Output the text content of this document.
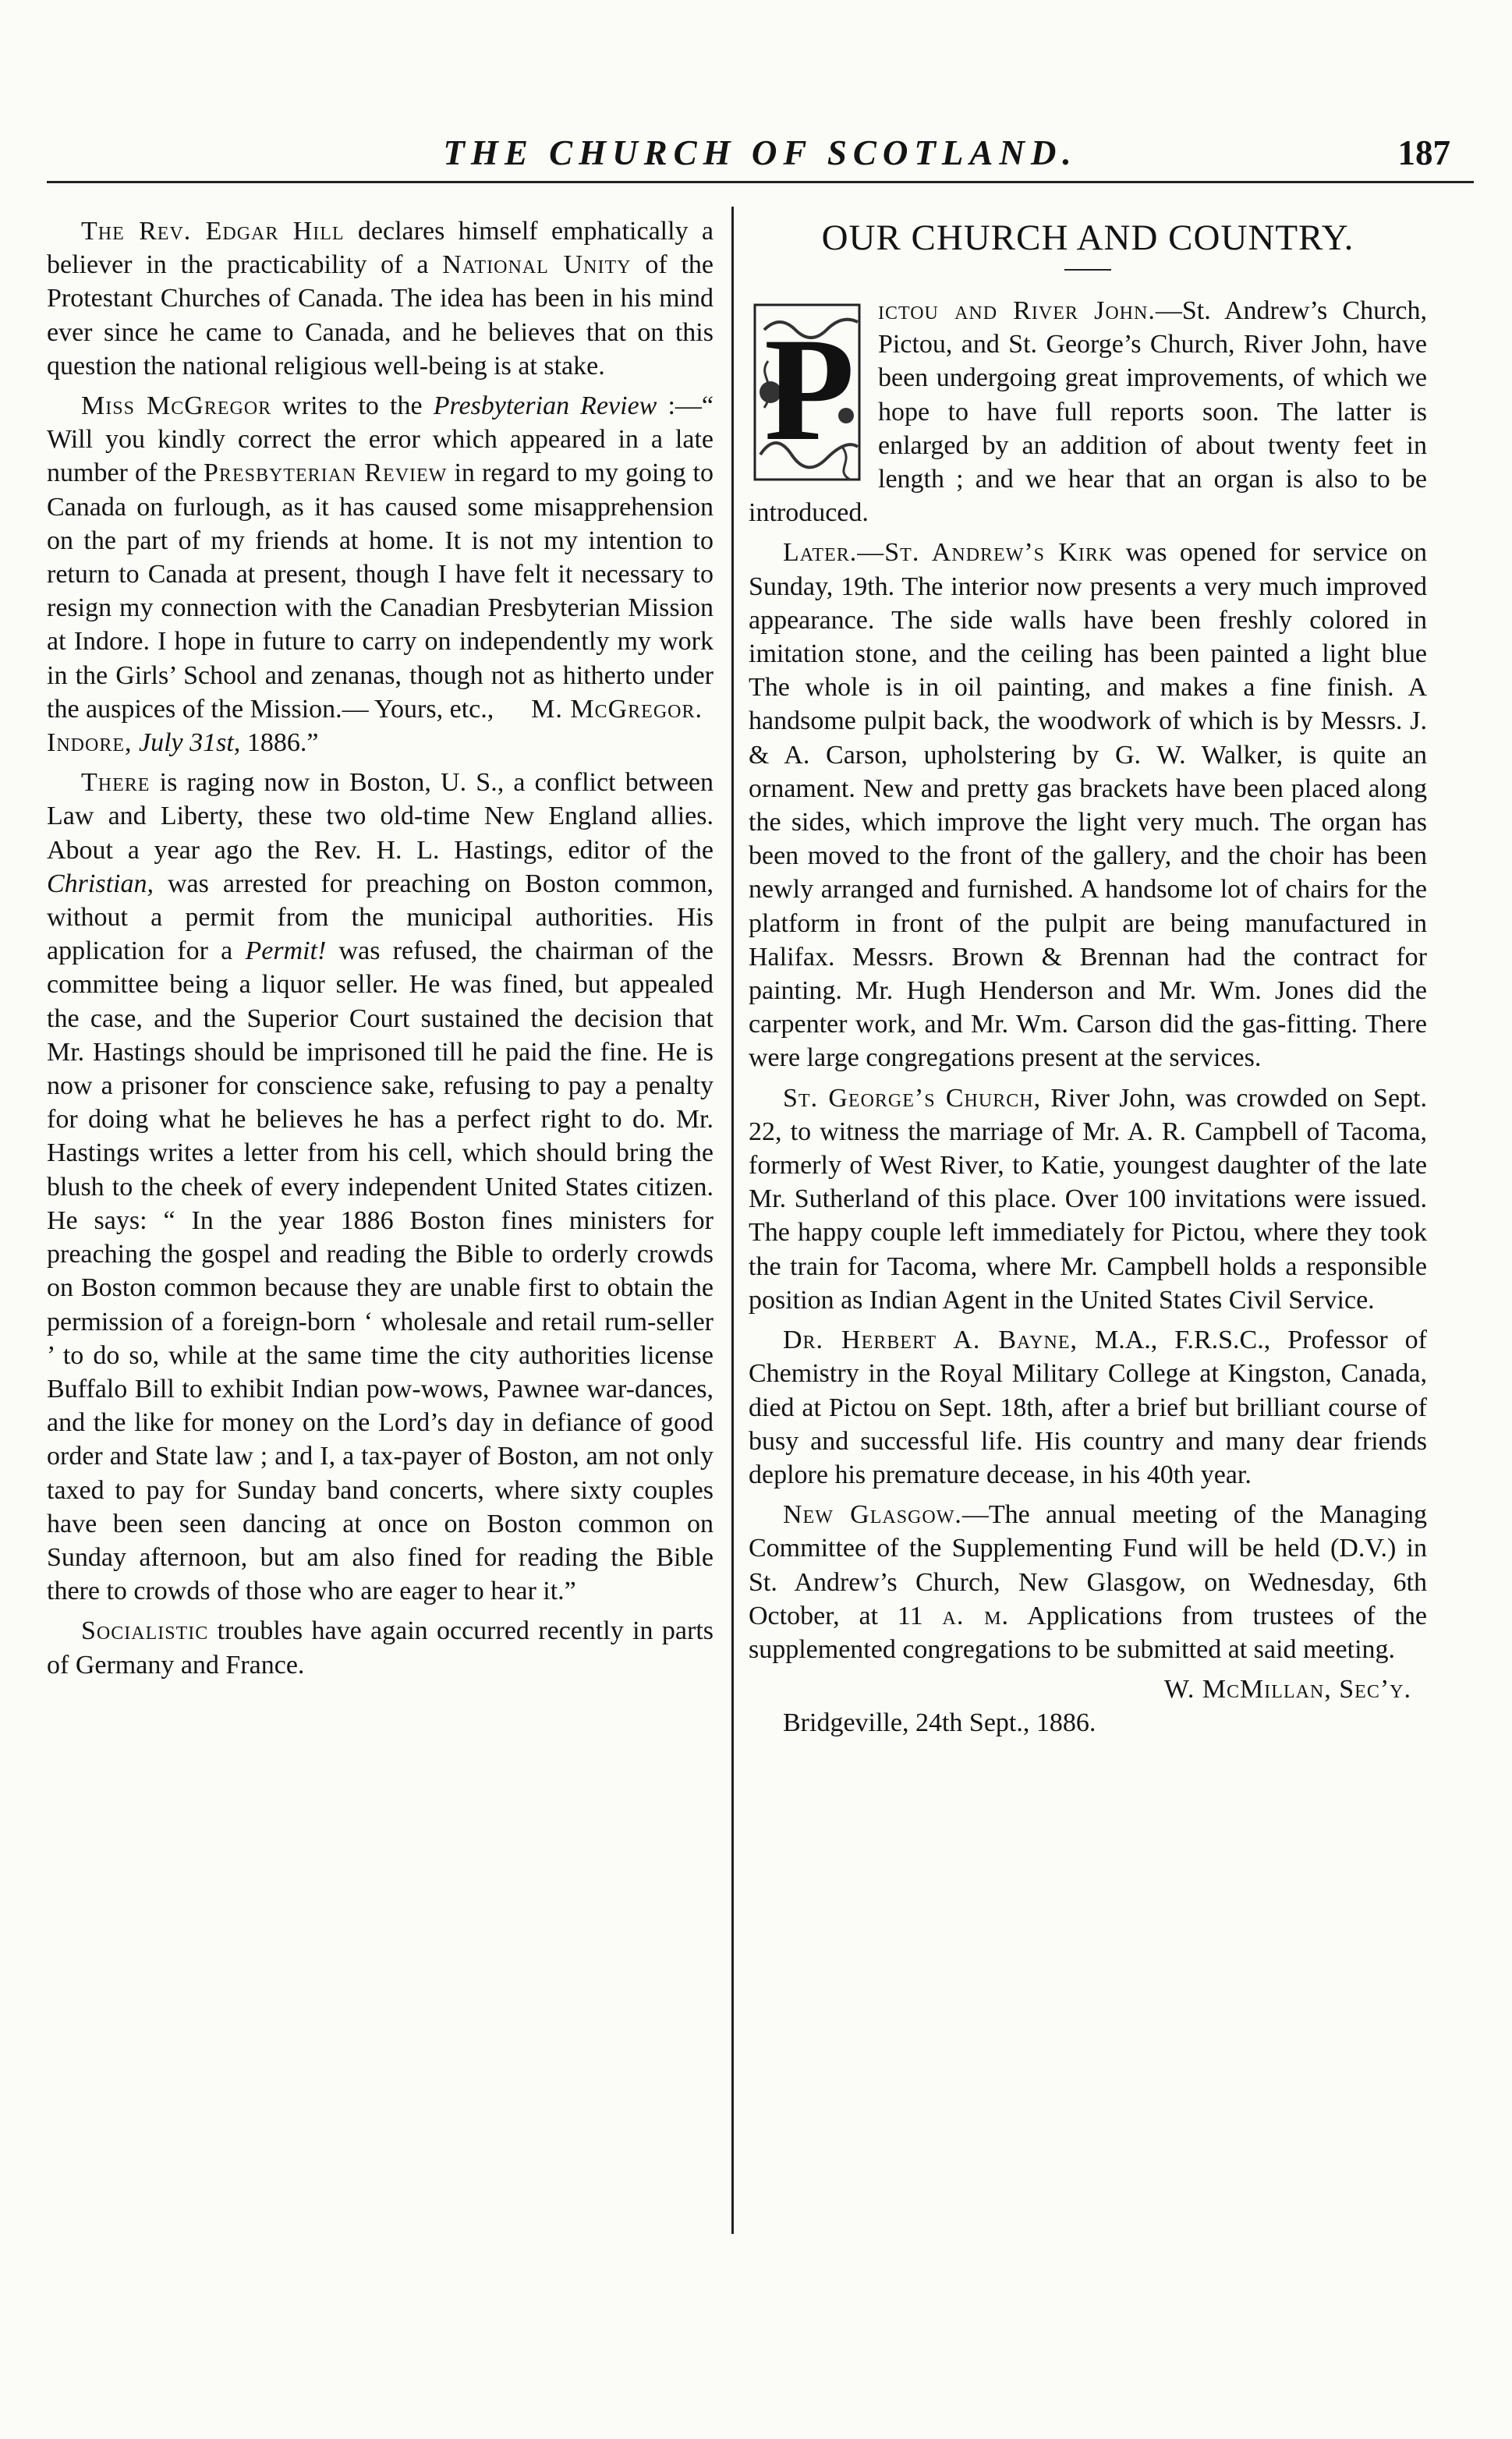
THE CHURCH OF SCOTLAND.	187

The Rev. Edgar Hill declares himself emphatically a believer in the practicability of a National Unity of the Protestant Churches of Canada. The idea has been in his mind ever since he came to Canada, and he believes that on this question the national religious well-being is at stake.

Miss McGregor writes to the Presbyterian Review :—“ Will you kindly correct the error which appeared in a late number of the Presbyterian Review in regard to my going to Canada on furlough, as it has caused some misapprehension on the part of my friends at home. It is not my intention to return to Canada at present, though I have felt it necessary to resign my connection with the Canadian Presbyterian Mission at Indore. I hope in future to carry on independently my work in the Girls’ School and zenanas, though not as hitherto under the auspices of the Mission.— Yours, etc.,	M. McGregor.

Indore, July 31st, 1886.”

There is raging now in Boston, U. S., a conflict between Law and Liberty, these two old-time New England allies. About a year ago the Rev. H. L. Hastings, editor of the Christian, was arrested for preaching on Boston common, without a permit from the municipal authorities. His application for a Permit! was refused, the chairman of the committee being a liquor seller. He was fined, but appealed the case, and the Superior Court sustained the decision that Mr. Hastings should be imprisoned till he paid the fine. He is now a prisoner for conscience sake, refusing to pay a penalty for doing what he believes he has a perfect right to do. Mr. Hastings writes a letter from his cell, which should bring the blush to the cheek of every independent United States citizen. He says: “ In the year 1886 Boston fines ministers for preaching the gospel and reading the Bible to orderly crowds on Boston common because they are unable first to obtain the permission of a foreign-born ‘ wholesale and retail rum-seller ’ to do so, while at the same time the city authorities license Buffalo Bill to exhibit Indian pow-wows, Pawnee war-dances, and the like for money on the Lord’s day in defiance of good order and State law ; and I, a tax-payer of Boston, am not only taxed to pay for Sunday band concerts, where sixty couples have been seen dancing at once on Boston common on Sunday afternoon, but am also fined for reading the Bible there to crowds of those who are eager to hear it.”

Socialistic troubles have again occurred recently in parts of Germany and France.

OUR CHURCH AND COUNTRY.

P ictou and River John.—St. Andrew’s Church, Pictou, and St. George’s Church, River John, have been undergoing great improvements, of which we hope to have full reports soon. The latter is enlarged by an addition of about twenty feet in length ; and we hear that an organ is also to be introduced.

Later.—St. Andrew’s Kirk was opened for service on Sunday, 19th. The interior now presents a very much improved appearance. The side walls have been freshly colored in imitation stone, and the ceiling has been painted a light blue The whole is in oil painting, and makes a fine finish. A handsome pulpit back, the woodwork of which is by Messrs. J. & A. Carson, upholstering by G. W. Walker, is quite an ornament. New and pretty gas brackets have been placed along the sides, which improve the light very much. The organ has been moved to the front of the gallery, and the choir has been newly arranged and furnished. A handsome lot of chairs for the platform in front of the pulpit are being manufactured in Halifax. Messrs. Brown & Brennan had the contract for painting. Mr. Hugh Henderson and Mr. Wm. Jones did the carpenter work, and Mr. Wm. Carson did the gas-fitting. There were large congregations present at the services.

St. George’s Church, River John, was crowded on Sept. 22, to witness the marriage of Mr. A. R. Campbell of Tacoma, formerly of West River, to Katie, youngest daughter of the late Mr. Sutherland of this place. Over 100 invitations were issued. The happy couple left immediately for Pictou, where they took the train for Tacoma, where Mr. Campbell holds a responsible position as Indian Agent in the United States Civil Service.

Dr. Herbert A. Bayne, M.A., F.R.S.C., Professor of Chemistry in the Royal Military College at Kingston, Canada, died at Pictou on Sept. 18th, after a brief but brilliant course of busy and successful life. His country and many dear friends deplore his premature decease, in his 40th year.

New Glasgow.—The annual meeting of the Managing Committee of the Supplementing Fund will be held (D.V.) in St. Andrew’s Church, New Glasgow, on Wednesday, 6th October, at 11 a. m. Applications from trustees of the supplemented congregations to be submitted at said meeting.

W. McMillan, Sec’y.
Bridgeville, 24th Sept., 1886.
